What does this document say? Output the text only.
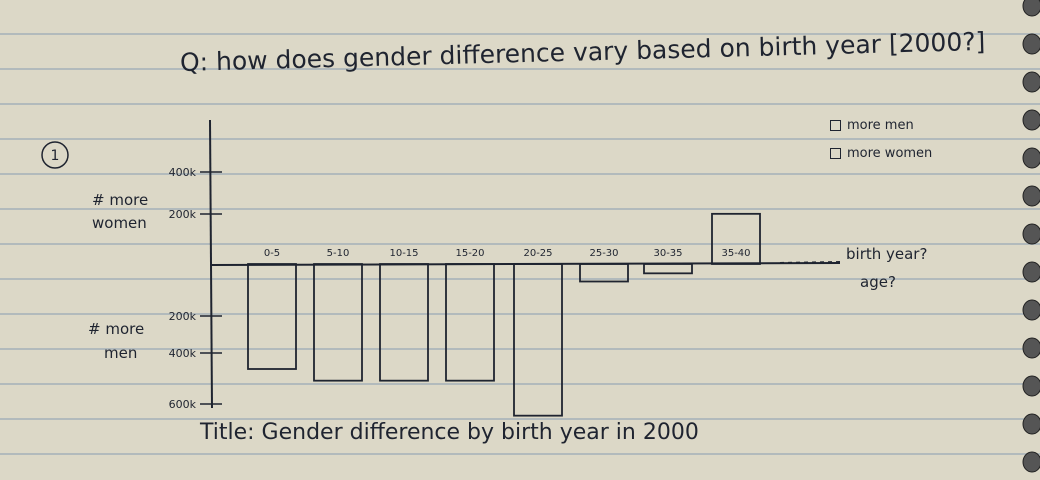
1
Q: how does gender difference vary based on birth year [2000?]
more men
more women
# more
women
# more
men
birth year?
age?
400k
200k
200k
400k
600k
0-5	5-10	10-15	15-20	20-25	25-30	30-35	35-40
Title: Gender difference by birth year in 2000
